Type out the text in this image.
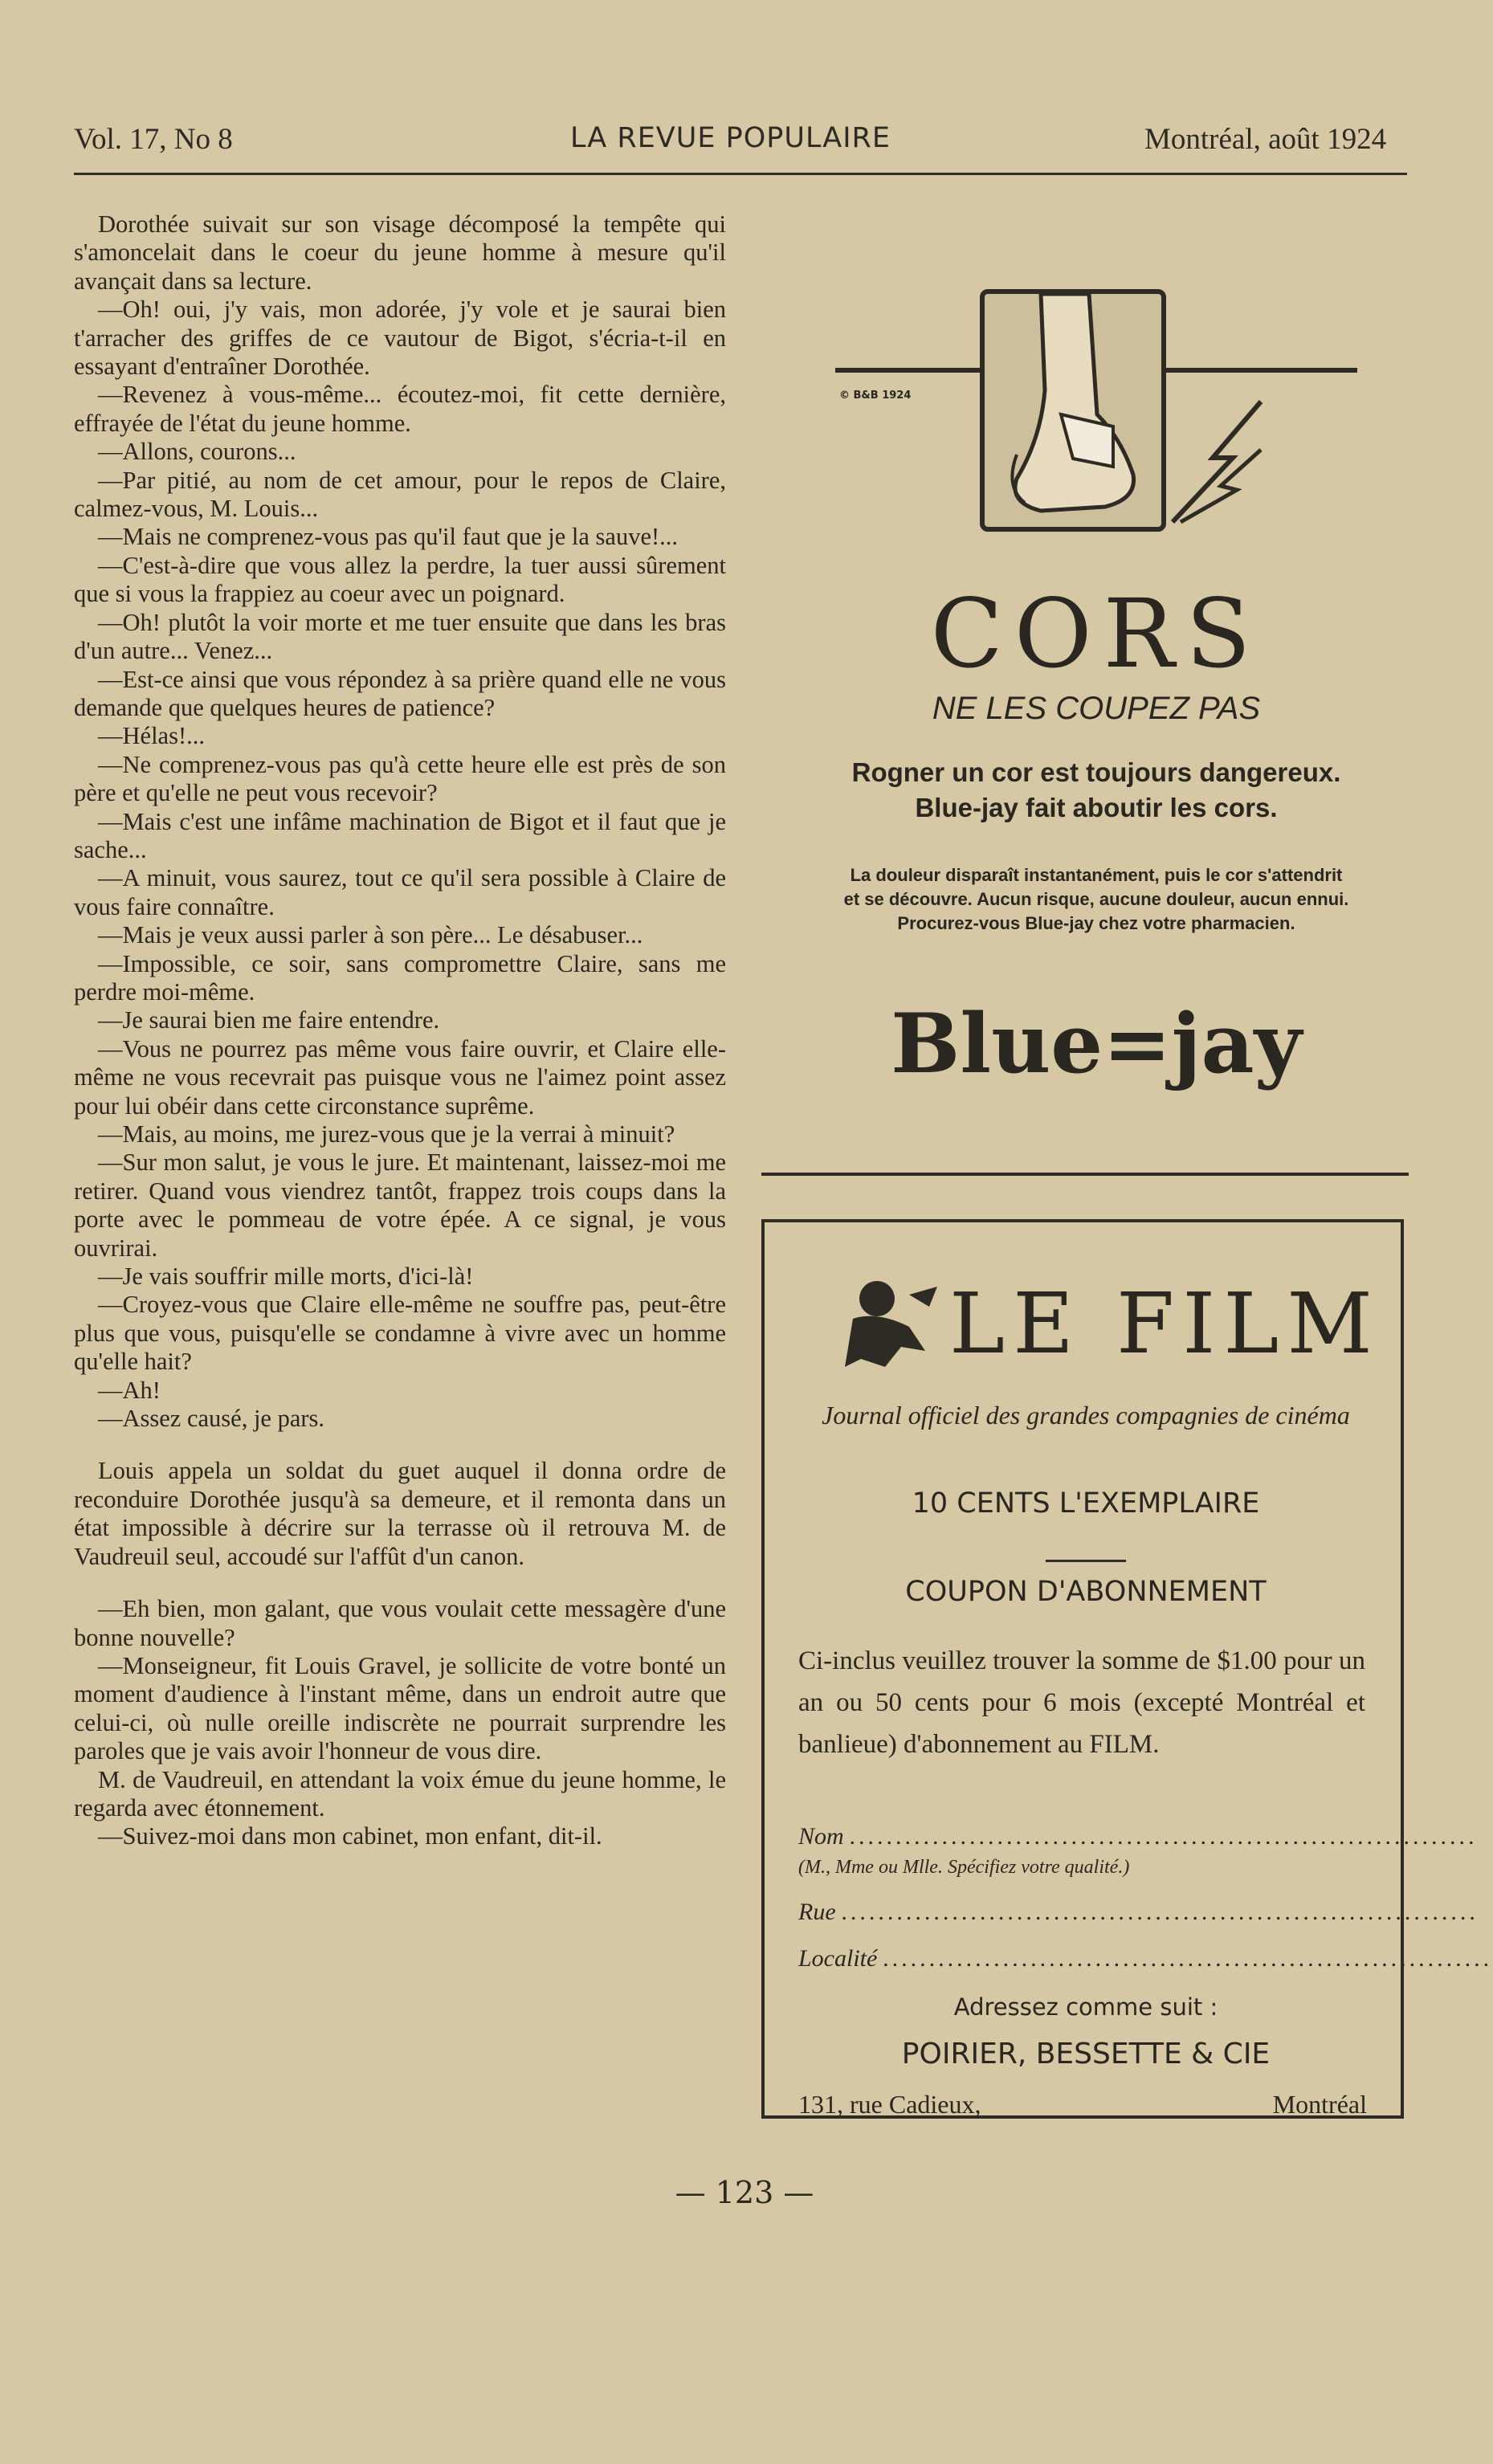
Vol. 17, No 8	LA REVUE POPULAIRE	Montréal, août 1924

Dorothée suivait sur son visage décomposé la tempête qui s'amoncelait dans le coeur du jeune homme à mesure qu'il avançait dans sa lecture.

—Oh! oui, j'y vais, mon adorée, j'y vole et je saurai bien t'arracher des griffes de ce vautour de Bigot, s'écria-t-il en essayant d'entraîner Dorothée.

—Revenez à vous-même... écoutez-moi, fit cette dernière, effrayée de l'état du jeune homme.

—Allons, courons...

—Par pitié, au nom de cet amour, pour le repos de Claire, calmez-vous, M. Louis...

—Mais ne comprenez-vous pas qu'il faut que je la sauve!...

—C'est-à-dire que vous allez la perdre, la tuer aussi sûrement que si vous la frappiez au coeur avec un poignard.

—Oh! plutôt la voir morte et me tuer ensuite que dans les bras d'un autre... Venez...

—Est-ce ainsi que vous répondez à sa prière quand elle ne vous demande que quelques heures de patience?

—Hélas!...

—Ne comprenez-vous pas qu'à cette heure elle est près de son père et qu'elle ne peut vous recevoir?

—Mais c'est une infâme machination de Bigot et il faut que je sache...

—A minuit, vous saurez, tout ce qu'il sera possible à Claire de vous faire connaître.

—Mais je veux aussi parler à son père... Le désabuser...

—Impossible, ce soir, sans compromettre Claire, sans me perdre moi-même.

—Je saurai bien me faire entendre.

—Vous ne pourrez pas même vous faire ouvrir, et Claire elle-même ne vous recevrait pas puisque vous ne l'aimez point assez pour lui obéir dans cette circonstance suprême.

—Mais, au moins, me jurez-vous que je la verrai à minuit?

—Sur mon salut, je vous le jure. Et maintenant, laissez-moi me retirer. Quand vous viendrez tantôt, frappez trois coups dans la porte avec le pommeau de votre épée. A ce signal, je vous ouvrirai.

—Je vais souffrir mille morts, d'ici-là!

—Croyez-vous que Claire elle-même ne souffre pas, peut-être plus que vous, puisqu'elle se condamne à vivre avec un homme qu'elle hait?

—Ah!

—Assez causé, je pars.

Louis appela un soldat du guet auquel il donna ordre de reconduire Dorothée jusqu'à sa demeure, et il remonta dans un état impossible à décrire sur la terrasse où il retrouva M. de Vaudreuil seul, accoudé sur l'affût d'un canon.

—Eh bien, mon galant, que vous voulait cette messagère d'une bonne nouvelle?

—Monseigneur, fit Louis Gravel, je sollicite de votre bonté un moment d'audience à l'instant même, dans un endroit autre que celui-ci, où nulle oreille indiscrète ne pourrait surprendre les paroles que je vais avoir l'honneur de vous dire.

M. de Vaudreuil, en attendant la voix émue du jeune homme, le regarda avec étonnement.

—Suivez-moi dans mon cabinet, mon enfant, dit-il.

© B&B 1924
CORS
NE LES COUPEZ PAS
Rogner un cor est toujours dangereux. Blue-jay fait aboutir les cors.
La douleur disparaît instantanément, puis le cor s'attendrit et se découvre. Aucun risque, aucune douleur, aucun ennui. Procurez-vous Blue-jay chez votre pharmacien.
Blue=jay
LE FILM
Journal officiel des grandes compagnies de cinéma
10 CENTS L'EXEMPLAIRE
COUPON D'ABONNEMENT
Ci-inclus veuillez trouver la somme de $1.00 pour un an ou 50 cents pour 6 mois (excepté Montréal et banlieue) d'abonnement au FILM.
Nom ....................................................................
(M., Mme ou Mlle. Spécifiez votre qualité.)
Rue .....................................................................
Localité ..................................................................
Adressez comme suit :
POIRIER, BESSETTE & CIE
131, rue Cadieux,	Montréal
— 123 —
